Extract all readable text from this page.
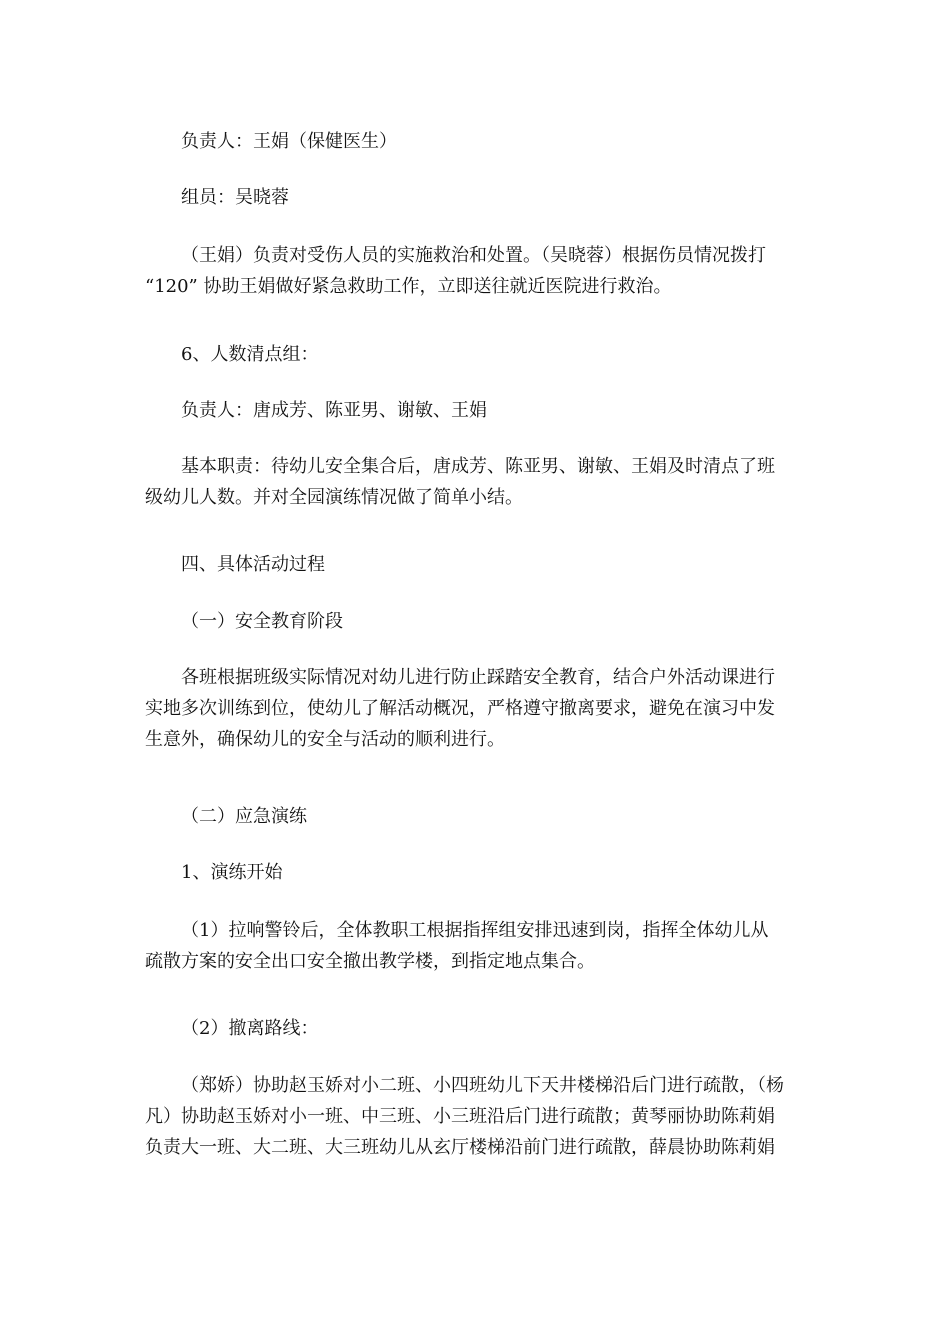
负责人：王娟（保健医生）

组员：吴晓蓉

（王娟）负责对受伤人员的实施救治和处置。（吴晓蓉）根据伤员情况拨打
“120” 协助王娟做好紧急救助工作，立即送往就近医院进行救治。

6、人数清点组：

负责人：唐成芳、陈亚男、谢敏、王娟

基本职责：待幼儿安全集合后，唐成芳、陈亚男、谢敏、王娟及时清点了班
级幼儿人数。并对全园演练情况做了简单小结。

四、具体活动过程

（一）安全教育阶段

各班根据班级实际情况对幼儿进行防止踩踏安全教育，结合户外活动课进行
实地多次训练到位，使幼儿了解活动概况，严格遵守撤离要求，避免在演习中发
生意外，确保幼儿的安全与活动的顺利进行。

（二）应急演练

1、演练开始

（1）拉响警铃后，全体教职工根据指挥组安排迅速到岗，指挥全体幼儿从
疏散方案的安全出口安全撤出教学楼，到指定地点集合。

（2）撤离路线：

（郑娇）协助赵玉娇对小二班、小四班幼儿下天井楼梯沿后门进行疏散，（杨
凡）协助赵玉娇对小一班、中三班、小三班沿后门进行疏散；黄琴丽协助陈莉娟
负责大一班、大二班、大三班幼儿从玄厅楼梯沿前门进行疏散，薛晨协助陈莉娟
